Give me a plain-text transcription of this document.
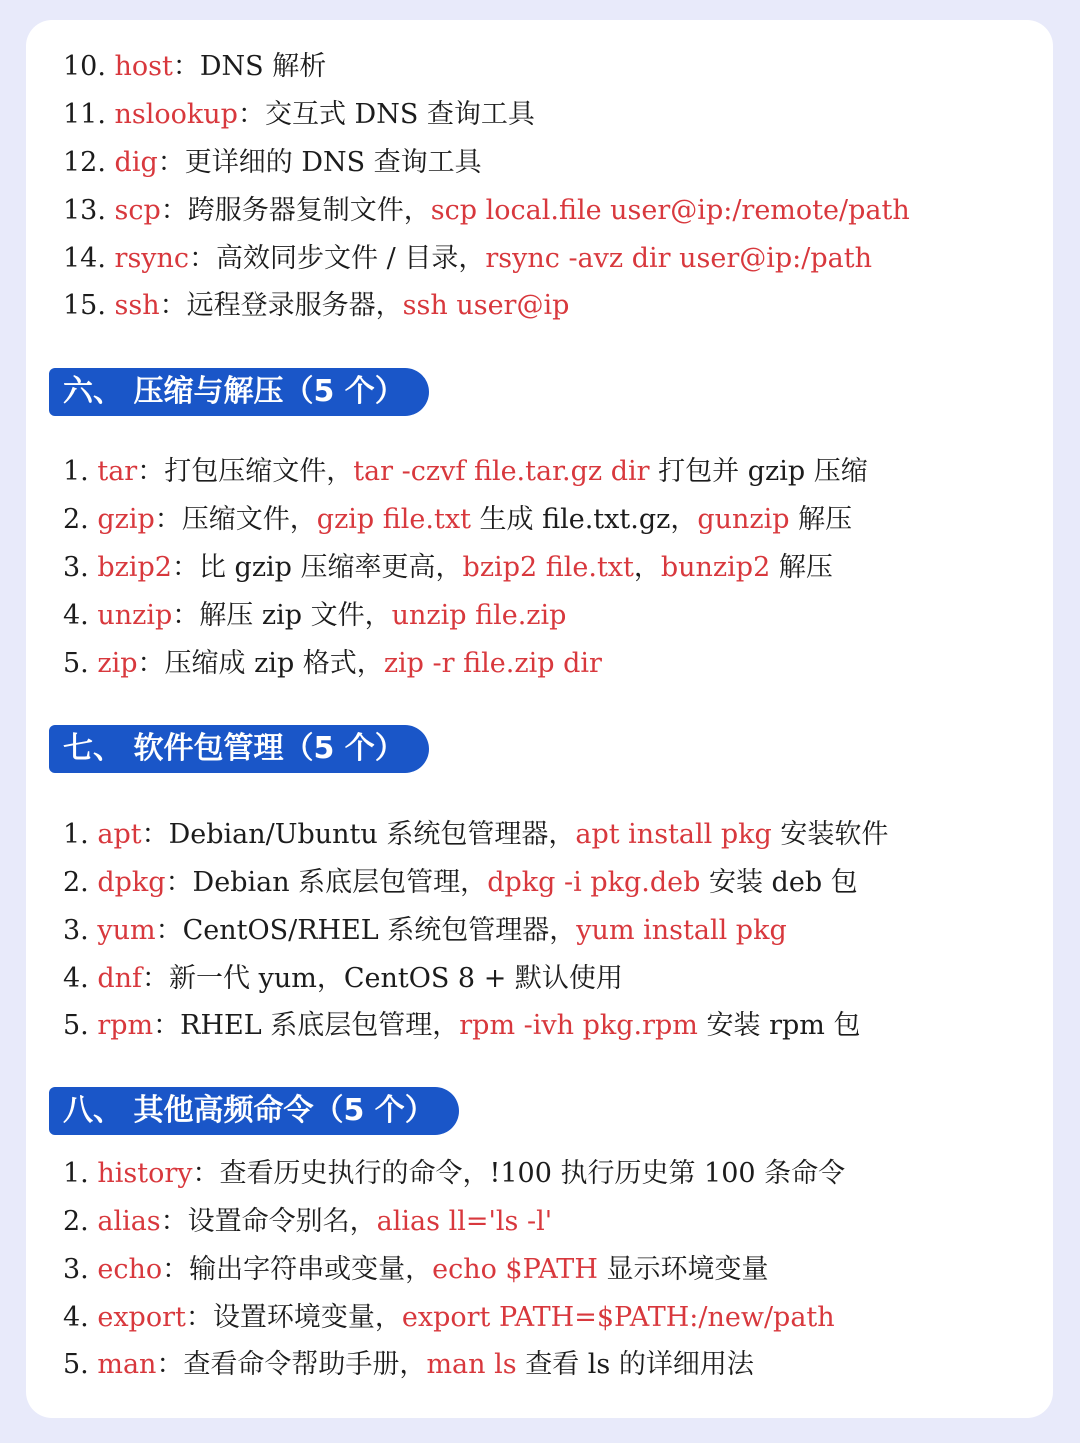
10. host：DNS 解析
11. nslookup：交互式 DNS 查询工具
12. dig：更详细的 DNS 查询工具
13. scp：跨服务器复制文件，scp local.file user@ip:/remote/path
14. rsync：高效同步文件 / 目录，rsync -avz dir user@ip:/path
15. ssh：远程登录服务器，ssh user@ip
六、 压缩与解压（5 个）
1. tar：打包压缩文件，tar -czvf file.tar.gz dir 打包并 gzip 压缩
2. gzip：压缩文件，gzip file.txt 生成 file.txt.gz，gunzip 解压
3. bzip2：比 gzip 压缩率更高，bzip2 file.txt，bunzip2 解压
4. unzip：解压 zip 文件，unzip file.zip
5. zip：压缩成 zip 格式，zip -r file.zip dir
七、 软件包管理（5 个）
1. apt：Debian/Ubuntu 系统包管理器，apt install pkg 安装软件
2. dpkg：Debian 系底层包管理，dpkg -i pkg.deb 安装 deb 包
3. yum：CentOS/RHEL 系统包管理器，yum install pkg
4. dnf：新一代 yum，CentOS 8 + 默认使用
5. rpm：RHEL 系底层包管理，rpm -ivh pkg.rpm 安装 rpm 包
八、 其他高频命令（5 个）
1. history：查看历史执行的命令，!100 执行历史第 100 条命令
2. alias：设置命令别名，alias ll='ls -l'
3. echo：输出字符串或变量，echo $PATH 显示环境变量
4. export：设置环境变量，export PATH=$PATH:/new/path
5. man：查看命令帮助手册，man ls 查看 ls 的详细用法
